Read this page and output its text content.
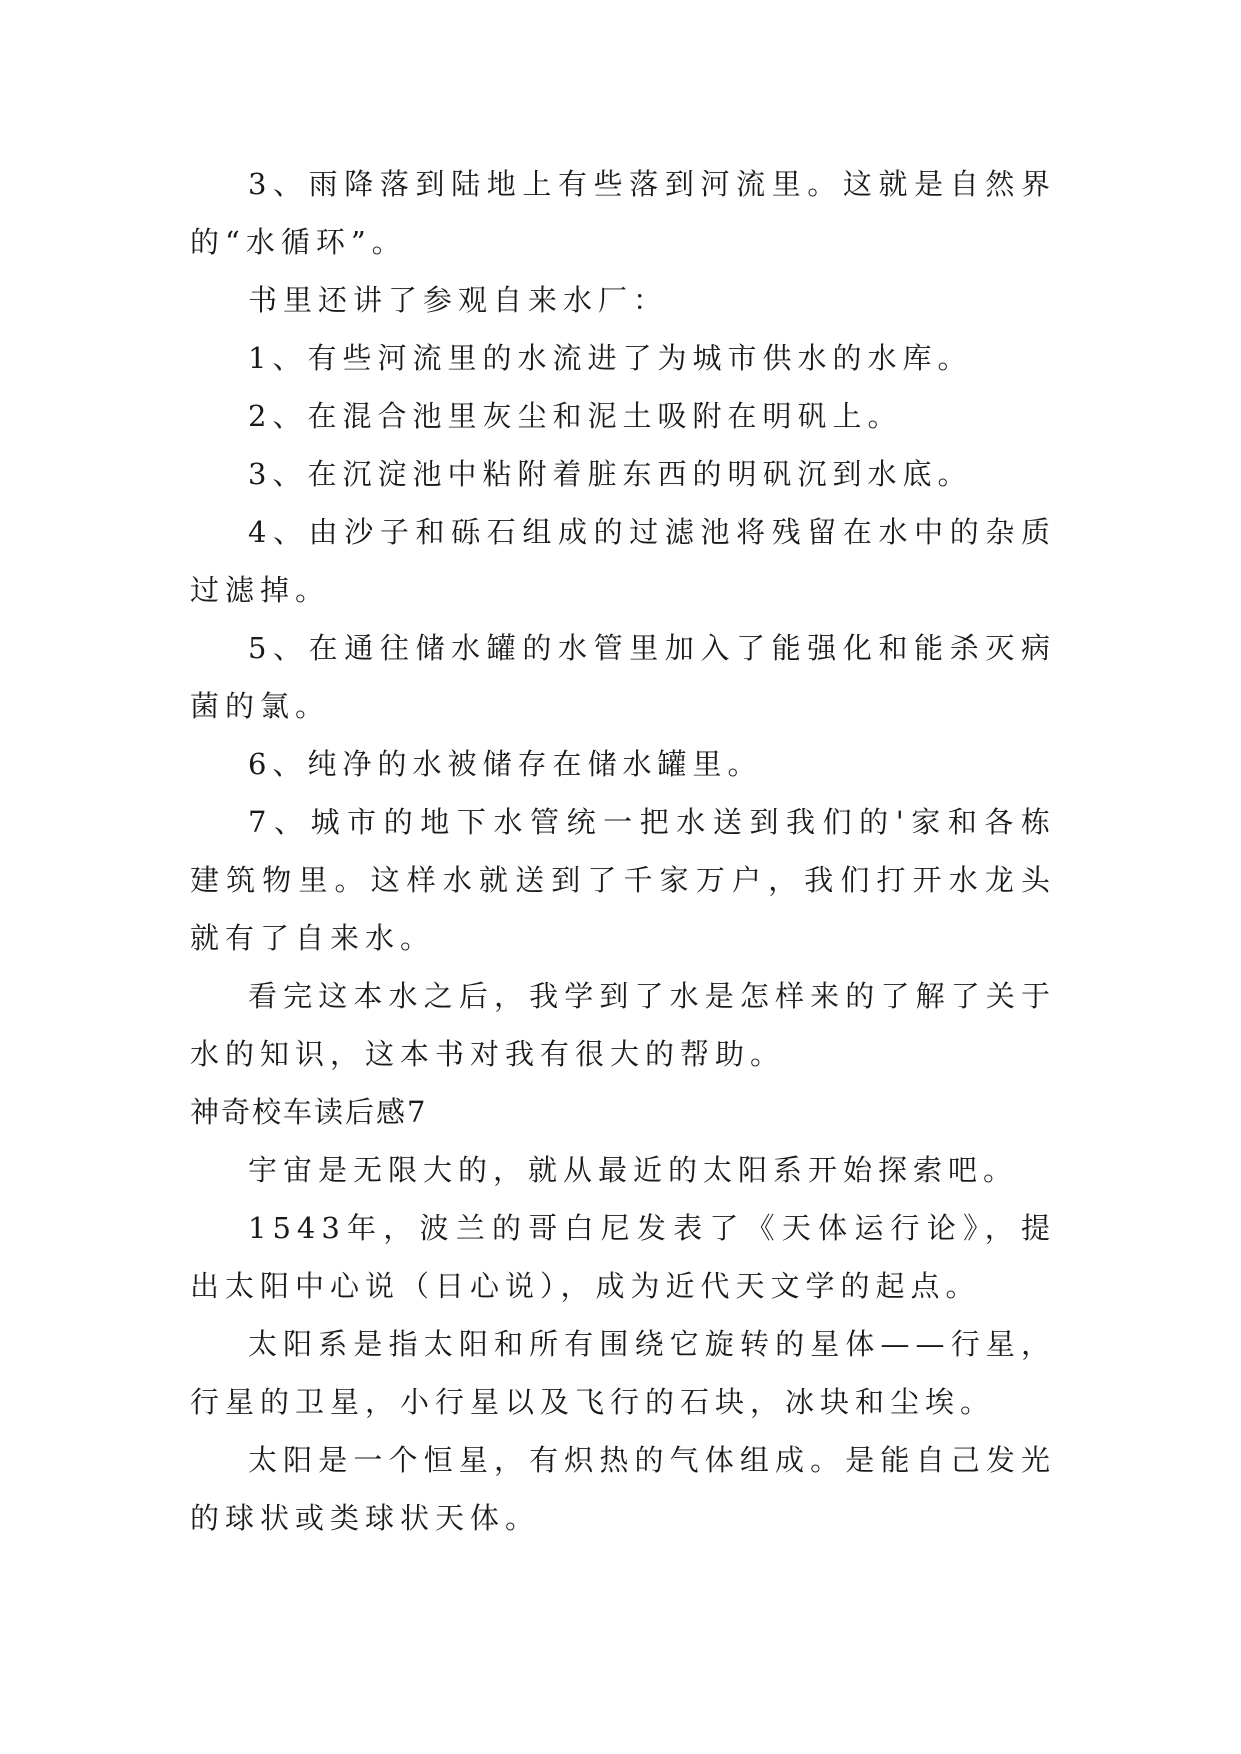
3、雨降落到陆地上有些落到河流里。这就是自然界的“水循环”。

书里还讲了参观自来水厂：

1、有些河流里的水流进了为城市供水的水库。

2、在混合池里灰尘和泥土吸附在明矾上。

3、在沉淀池中粘附着脏东西的明矾沉到水底。

4、由沙子和砾石组成的过滤池将残留在水中的杂质过滤掉。

5、在通往储水罐的水管里加入了能强化和能杀灭病菌的氯。

6、纯净的水被储存在储水罐里。

7、城市的地下水管统一把水送到我们的'家和各栋建筑物里。这样水就送到了千家万户，我们打开水龙头就有了自来水。

看完这本水之后，我学到了水是怎样来的了解了关于水的知识，这本书对我有很大的帮助。

神奇校车读后感7

宇宙是无限大的，就从最近的太阳系开始探索吧。

1543年，波兰的哥白尼发表了《天体运行论》，提出太阳中心说（日心说），成为近代天文学的起点。

太阳系是指太阳和所有围绕它旋转的星体——行星，行星的卫星，小行星以及飞行的石块，冰块和尘埃。

太阳是一个恒星，有炽热的气体组成。是能自己发光的球状或类球状天体。
